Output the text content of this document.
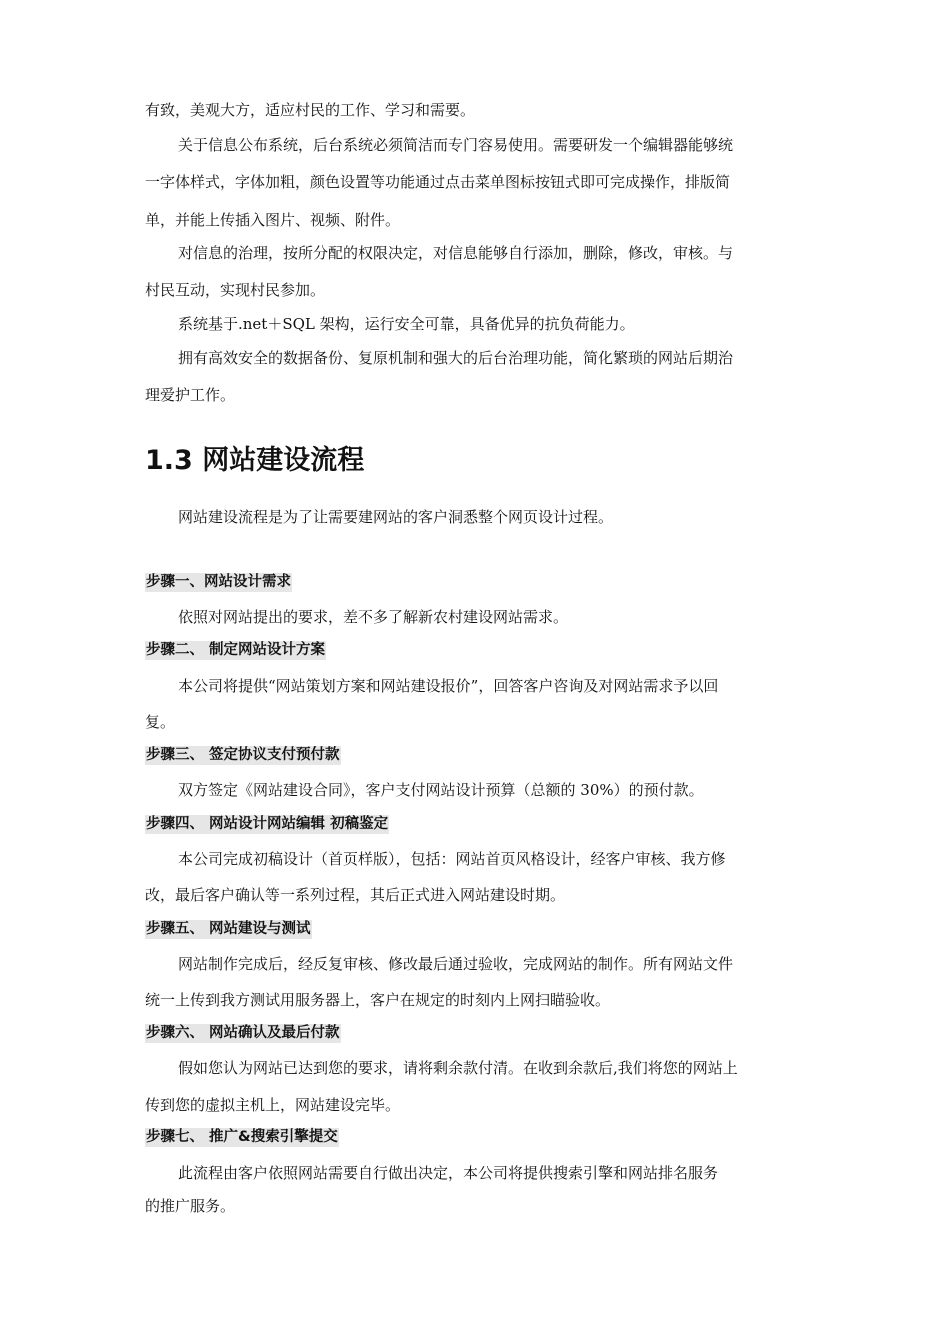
有致，美观大方，适应村民的工作、学习和需要。
关于信息公布系统，后台系统必须简洁而专门容易使用。需要研发一个编辑器能够统
一字体样式，字体加粗，颜色设置等功能通过点击菜单图标按钮式即可完成操作，排版简
单，并能上传插入图片、视频、附件。
对信息的治理，按所分配的权限决定，对信息能够自行添加，删除，修改，审核。与
村民互动，实现村民参加。
系统基于.net＋SQL 架构，运行安全可靠，具备优异的抗负荷能力。
拥有高效安全的数据备份、复原机制和强大的后台治理功能，简化繁琐的网站后期治
理爱护工作。
1.3 网站建设流程
网站建设流程是为了让需要建网站的客户洞悉整个网页设计过程。
步骤一、网站设计需求
依照对网站提出的要求，差不多了解新农村建设网站需求。
步骤二、 制定网站设计方案
本公司将提供“网站策划方案和网站建设报价”，回答客户咨询及对网站需求予以回
复。
步骤三、 签定协议支付预付款
双方签定《网站建设合同》，客户支付网站设计预算（总额的 30%）的预付款。
步骤四、 网站设计网站编辑 初稿鉴定
本公司完成初稿设计（首页样版），包括：网站首页风格设计，经客户审核、我方修
改，最后客户确认等一系列过程，其后正式进入网站建设时期。
步骤五、 网站建设与测试
网站制作完成后，经反复审核、修改最后通过验收，完成网站的制作。所有网站文件
统一上传到我方测试用服务器上，客户在规定的时刻内上网扫瞄验收。
步骤六、 网站确认及最后付款
假如您认为网站已达到您的要求，请将剩余款付清。在收到余款后,我们将您的网站上
传到您的虚拟主机上，网站建设完毕。
步骤七、 推广&搜索引擎提交
此流程由客户依照网站需要自行做出决定，本公司将提供搜索引擎和网站排名服务
的推广服务。
